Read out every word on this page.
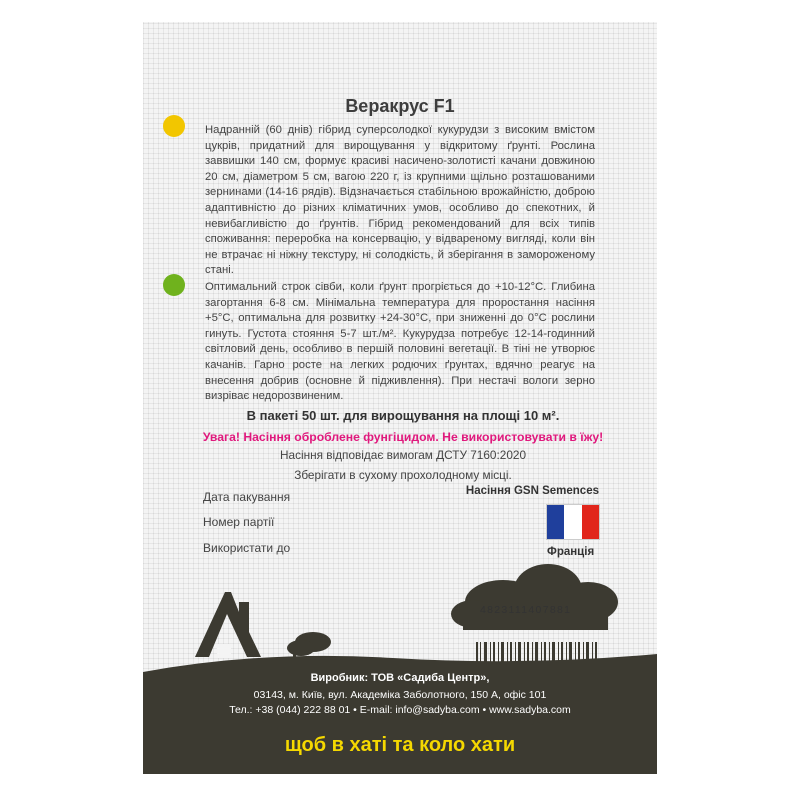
Веракрус F1
Надранній (60 днів) гібрид суперсолодкої кукурудзи з високим вмістом цукрів, придатний для вирощування у відкритому ґрунті. Рослина заввишки 140 см, формує красиві насичено-золотисті качани довжиною 20 см, діаметром 5 см, вагою 220 г, із крупними щільно розташованими зернинами (14-16 рядів). Відзначається стабільною врожайністю, доброю адаптивністю до різних кліматичних умов, особливо до спекотних, й невибагливістю до ґрунтів. Гібрид рекомендований для всіх типів споживання: переробка на консервацію, у відвареному вигляді, коли він не втрачає ні ніжну текстуру, ні солодкість, й зберігання в замороженому стані.
Оптимальний строк сівби, коли ґрунт прогріється до +10-12°С. Глибина загортання 6-8 см. Мінімальна температура для проростання насіння +5°С, оптимальна для розвитку +24-30°С, при зниженні до 0°С рослини гинуть. Густота стояння 5-7 шт./м². Кукурудза потребує 12-14-годинний світловий день, особливо в першій половині вегетації. В тіні не утворює качанів. Гарно росте на легких родючих ґрунтах, вдячно реагує на внесення добрив (основне й підживлення). При нестачі вологи зерно визріває недорозвиненим.
В пакеті 50 шт. для вирощування на площі 10 м².
Увага! Насіння оброблене фунгіцидом. Не використовувати в їжу!
Насіння відповідає вимогам ДСТУ 7160:2020
Зберігати в сухому прохолодному місці.
Дата пакування
Номер партії
Використати до
Насіння GSN Semences
Франція
4823111407881
Виробник: ТОВ «Садиба Центр»,
03143, м. Київ, вул. Академіка Заболотного, 150 А, офіс 101
Тел.: +38 (044) 222 88 01 • E-mail: info@sadyba.com • www.sadyba.com
щоб в хаті та коло хати
